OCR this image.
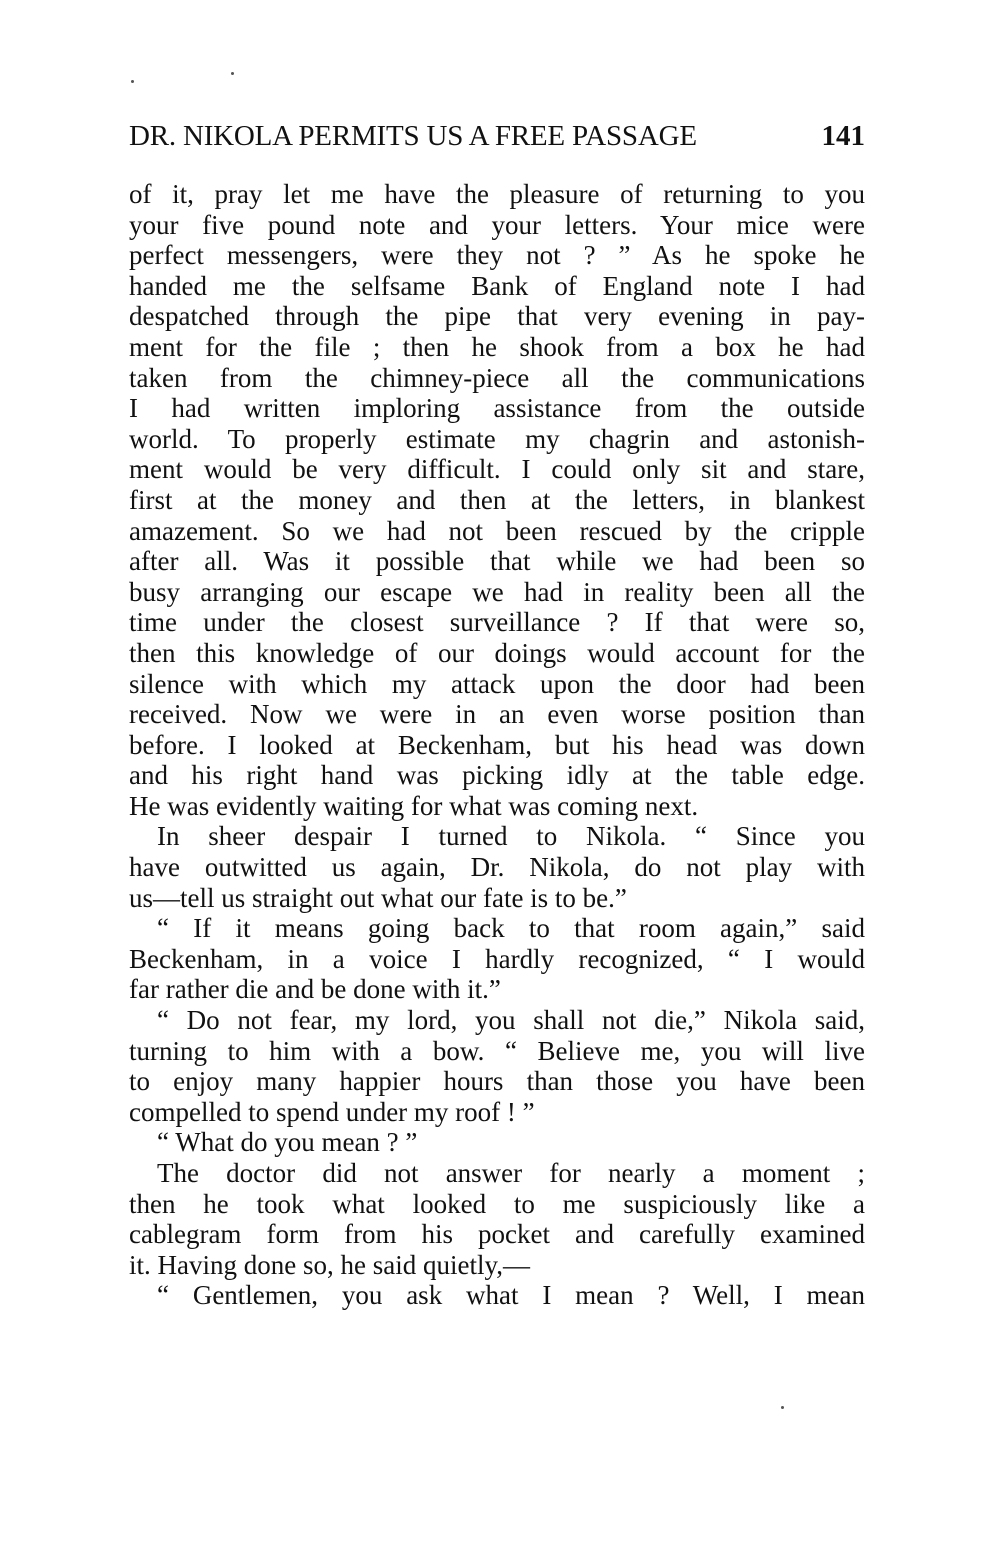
DR. NIKOLA PERMITS US A FREE PASSAGE	141
of it, pray let me have the pleasure of returning to you
your five pound note and your letters. Your mice were
perfect messengers, were they not ? ” As he spoke he
handed me the selfsame Bank of England note I had
despatched through the pipe that very evening in pay-
ment for the file ; then he shook from a box he had
taken from the chimney-piece all the communications
I had written imploring assistance from the outside
world. To properly estimate my chagrin and astonish-
ment would be very difficult. I could only sit and stare,
first at the money and then at the letters, in blankest
amazement. So we had not been rescued by the cripple
after all. Was it possible that while we had been so
busy arranging our escape we had in reality been all the
time under the closest surveillance ? If that were so,
then this knowledge of our doings would account for the
silence with which my attack upon the door had been
received. Now we were in an even worse position than
before. I looked at Beckenham, but his head was down
and his right hand was picking idly at the table edge.
He was evidently waiting for what was coming next.
In sheer despair I turned to Nikola. “ Since you
have outwitted us again, Dr. Nikola, do not play with
us—tell us straight out what our fate is to be.”
“ If it means going back to that room again,” said
Beckenham, in a voice I hardly recognized, “ I would
far rather die and be done with it.”
“ Do not fear, my lord, you shall not die,” Nikola said,
turning to him with a bow. “ Believe me, you will live
to enjoy many happier hours than those you have been
compelled to spend under my roof ! ”
“ What do you mean ? ”
The doctor did not answer for nearly a moment ;
then he took what looked to me suspiciously like a
cablegram form from his pocket and carefully examined
it. Having done so, he said quietly,—
“ Gentlemen, you ask what I mean ? Well, I mean
